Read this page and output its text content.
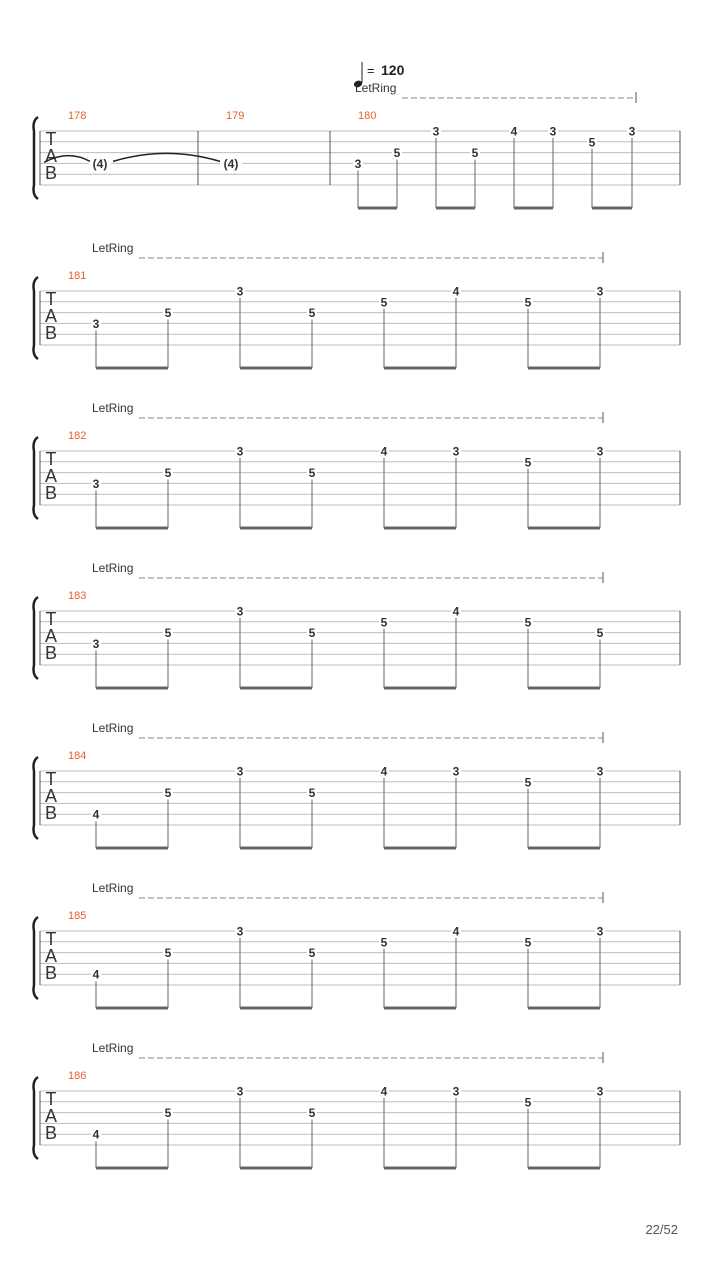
= 120
LetRing
T
A
B
178
(4)
179
(4)
180
3
5
3
5
4	3
5
3
LetRing
T
A
B
181
3
5
3
5
5
4
5
3
LetRing
T
A
B
182
3
5
3
5
4	3
5
3
LetRing
T
A
B
183
3
5
3
5
5
4
5
5
LetRing
T
A
B
184
4
5
3
5
4	3
5
3
LetRing
T
A
B
185
4
5
3
5
5
4
5
3
LetRing
T
A
B
186
4
5
3
5
4	3
5
3
22/52
